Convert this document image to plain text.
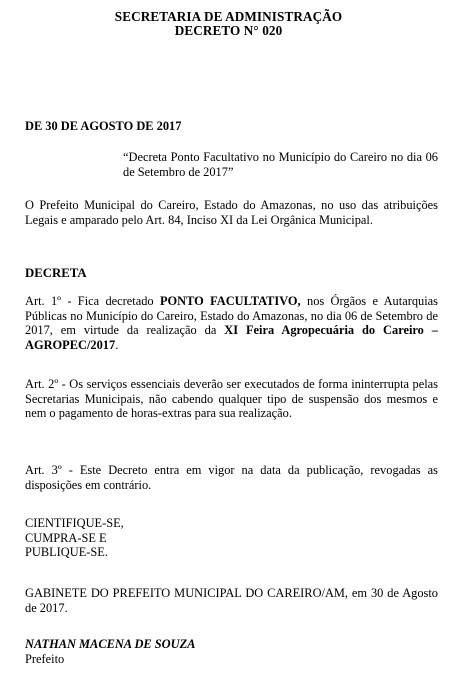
SECRETARIA DE ADMINISTRAÇÃO
DECRETO N° 020
DE 30 DE AGOSTO DE 2017
“Decreta Ponto Facultativo no Município do Careiro no dia 06 de Setembro de 2017”
O Prefeito Municipal do Careiro, Estado do Amazonas, no uso das atribuições Legais e amparado pelo Art. 84, Inciso XI da Lei Orgânica Municipal.
DECRETA
Art. 1º - Fica decretado PONTO FACULTATIVO, nos Órgãos e Autarquias Públicas no Município do Careiro, Estado do Amazonas, no dia 06 de Setembro de 2017, em virtude da realização da XI Feira Agropecuária do Careiro – AGROPEC/2017.
Art. 2º - Os serviços essenciais deverão ser executados de forma ininterrupta pelas Secretarias Municipais, não cabendo qualquer tipo de suspensão dos mesmos e nem o pagamento de horas-extras para sua realização.
Art. 3º - Este Decreto entra em vigor na data da publicação, revogadas as disposições em contrário.
CIENTIFIQUE-SE,
CUMPRA-SE E
PUBLIQUE-SE.
GABINETE DO PREFEITO MUNICIPAL DO CAREIRO/AM, em 30 de Agosto de 2017.
NATHAN MACENA DE SOUZA
Prefeito
